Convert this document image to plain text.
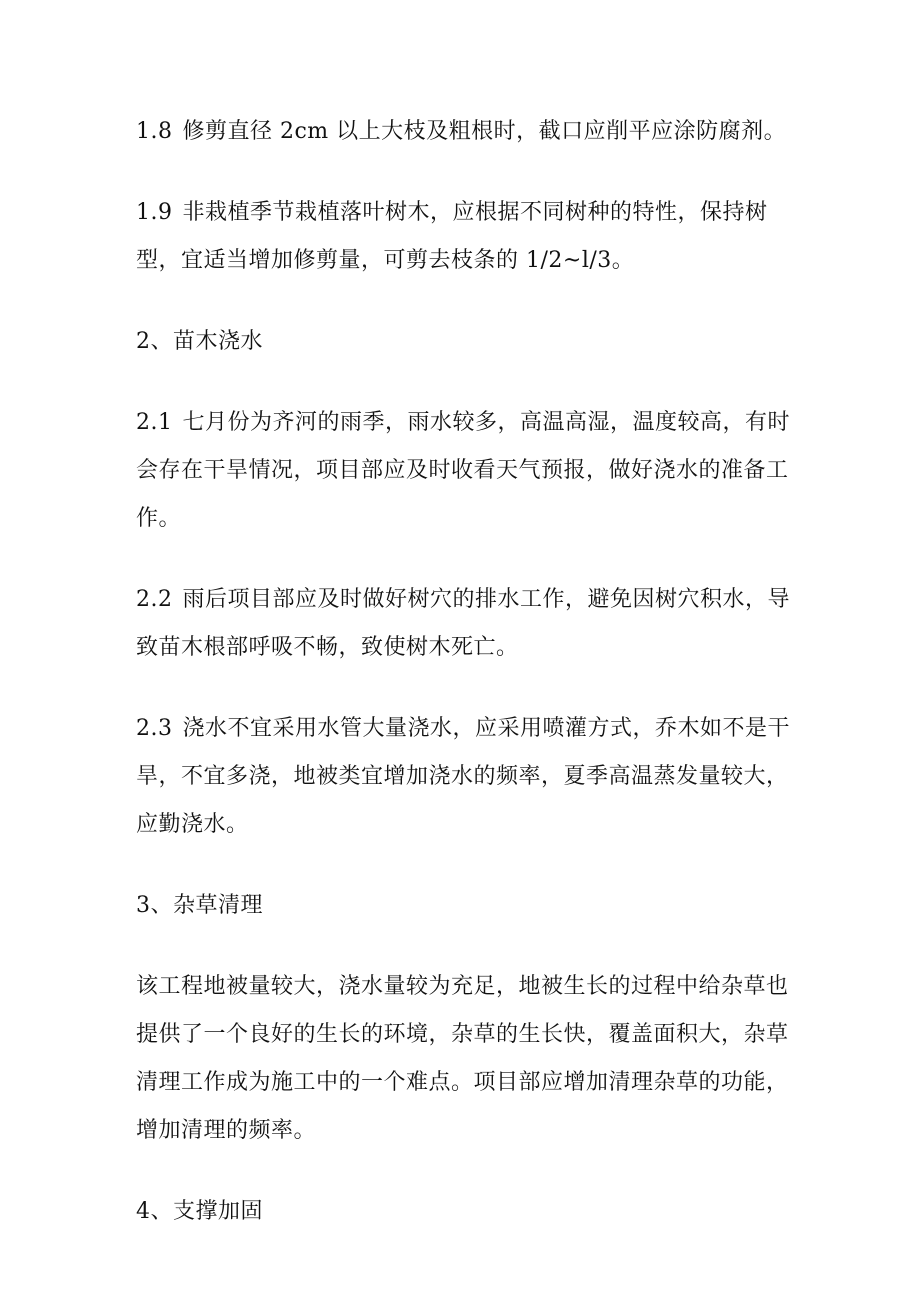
1.8 修剪直径 2cm 以上大枝及粗根时，截口应削平应涂防腐剂。

1.9 非栽植季节栽植落叶树木，应根据不同树种的特性，保持树型，宜适当增加修剪量，可剪去枝条的 1/2~l/3。

2、苗木浇水

2.1 七月份为齐河的雨季，雨水较多，高温高湿，温度较高，有时会存在干旱情况，项目部应及时收看天气预报，做好浇水的准备工作。

2.2 雨后项目部应及时做好树穴的排水工作，避免因树穴积水，导致苗木根部呼吸不畅，致使树木死亡。

2.3 浇水不宜采用水管大量浇水，应采用喷灌方式，乔木如不是干旱，不宜多浇，地被类宜增加浇水的频率，夏季高温蒸发量较大，应勤浇水。

3、杂草清理

该工程地被量较大，浇水量较为充足，地被生长的过程中给杂草也提供了一个良好的生长的环境，杂草的生长快，覆盖面积大，杂草清理工作成为施工中的一个难点。项目部应增加清理杂草的功能，增加清理的频率。

4、支撑加固
